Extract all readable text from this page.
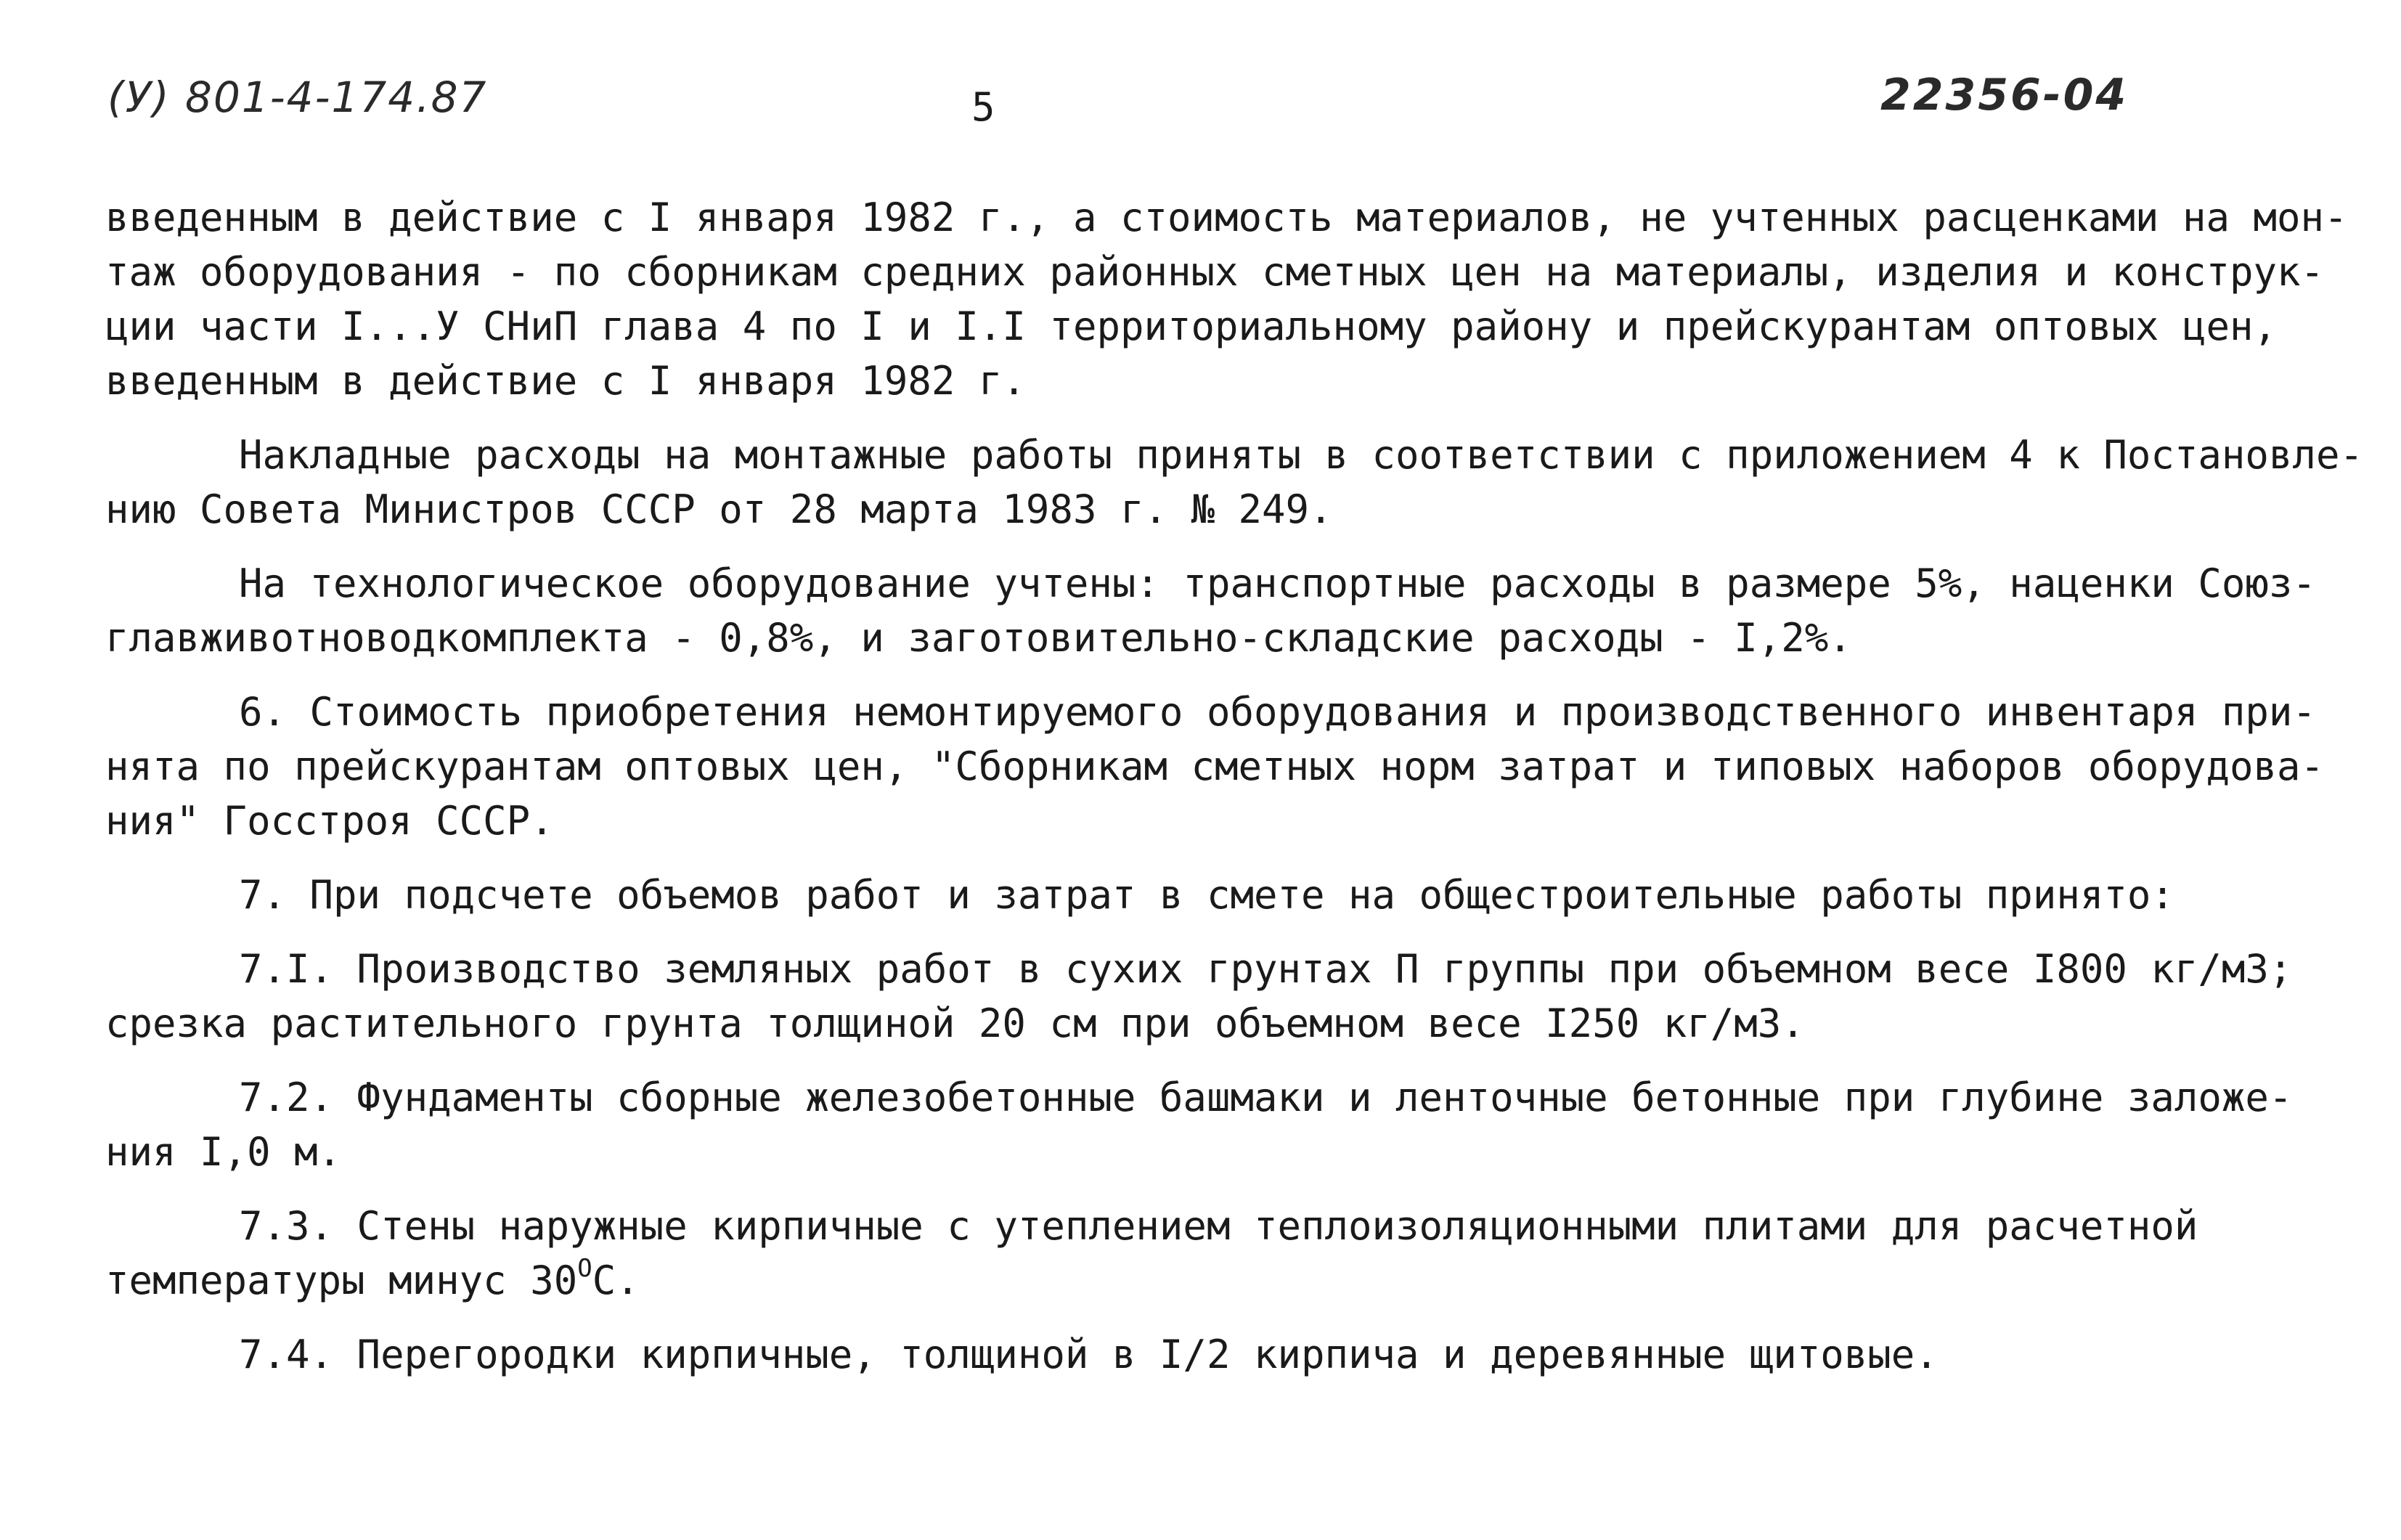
(У) 801-4-174.87	5	22356-04

введенным в действие с I января 1982 г., а стоимость материалов, не учтенных расценками на мон-
таж оборудования - по сборникам средних районных сметных цен на материалы, изделия и конструк-
ции части I...У СНиП глава 4 по I и I.I территориальному району и прейскурантам оптовых цен,
введенным в действие с I января 1982 г.

Накладные расходы на монтажные работы приняты в соответствии с приложением 4 к Постановле-
нию Совета Министров СССР от 28 марта 1983 г. № 249.

На технологическое оборудование учтены: транспортные расходы в размере 5%, наценки Союз-
главживотноводкомплекта - 0,8%, и заготовительно-складские расходы - I,2%.

6. Стоимость приобретения немонтируемого оборудования и производственного инвентаря при-
нята по прейскурантам оптовых цен, "Сборникам сметных норм затрат и типовых наборов оборудова-
ния" Госстроя СССР.

7. При подсчете объемов работ и затрат в смете на общестроительные работы принято:

7.I. Производство земляных работ в сухих грунтах П группы при объемном весе I800 кг/м3;
срезка растительного грунта толщиной 20 см при объемном весе I250 кг/м3.

7.2. Фундаменты сборные железобетонные башмаки и ленточные бетонные при глубине заложе-
ния I,0 м.

7.3. Стены наружные кирпичные с утеплением теплоизоляционными плитами для расчетной
температуры минус $30^ОС$.

7.4. Перегородки кирпичные, толщиной в I/2 кирпича и деревянные щитовые.
